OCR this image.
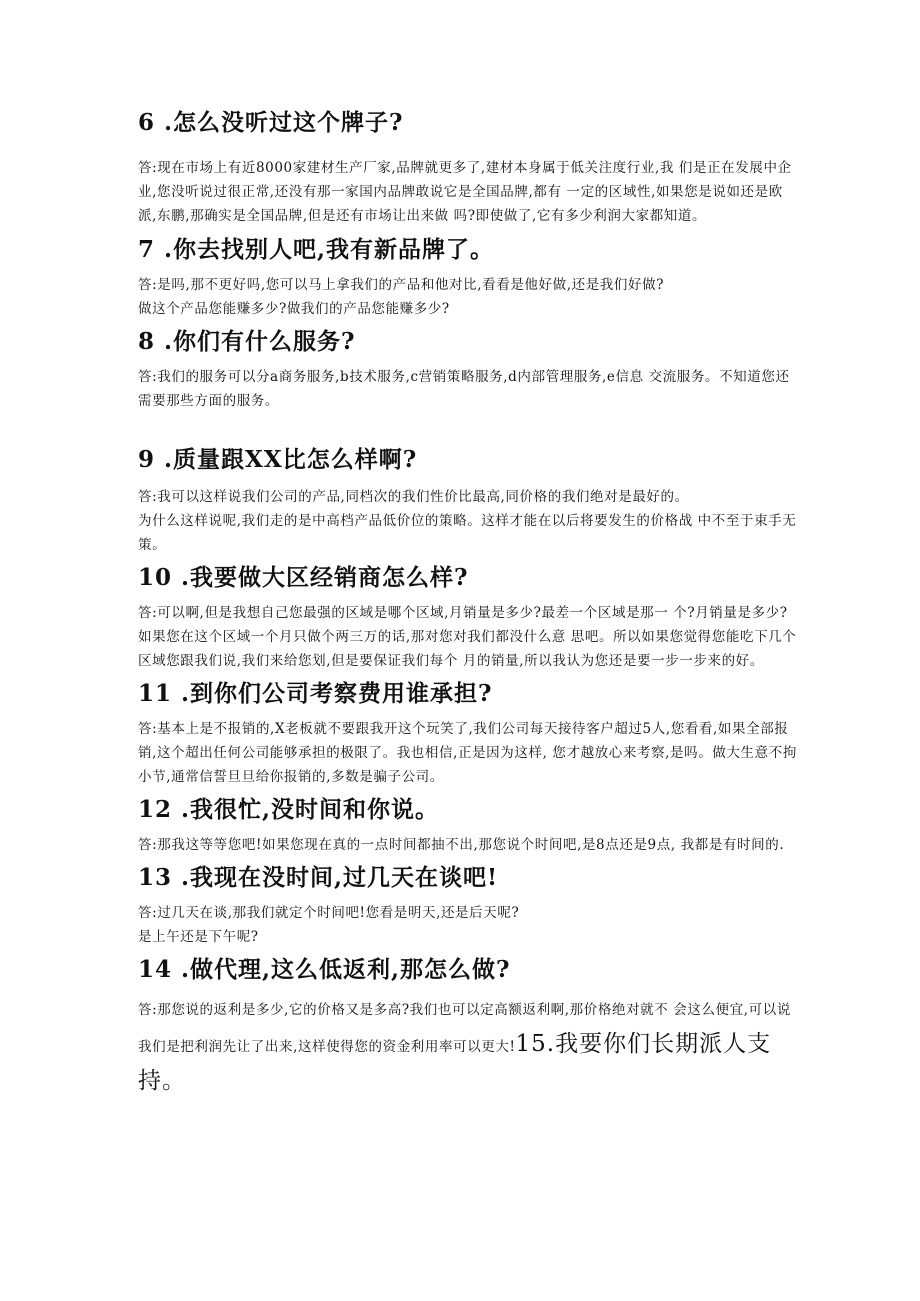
6 .怎么没听过这个牌子?

答:现在市场上有近8000家建材生产厂家,品牌就更多了,建材本身属于低关注度行业,我 们是正在发展中企业,您没听说过很正常,还没有那一家国内品牌敢说它是全国品牌,都有 一定的区域性,如果您是说如还是欧派,东鹏,那确实是全国品牌,但是还有市场让出来做 吗?即使做了,它有多少利润大家都知道。

7 .你去找别人吧,我有新品牌了。

答:是吗,那不更好吗,您可以马上拿我们的产品和他对比,看看是他好做,还是我们好做?

做这个产品您能赚多少?做我们的产品您能赚多少?

8 .你们有什么服务?

答:我们的服务可以分a商务服务,b技术服务,c营销策略服务,d内部管理服务,e信息 交流服务。不知道您还需要那些方面的服务。

9 .质量跟XX比怎么样啊?

答:我可以这样说我们公司的产品,同档次的我们性价比最高,同价格的我们绝对是最好的。

为什么这样说呢,我们走的是中高档产品低价位的策略。这样才能在以后将要发生的价格战 中不至于束手无策。

10 .我要做大区经销商怎么样?

答:可以啊,但是我想自己您最强的区域是哪个区域,月销量是多少?最差一个区域是那一 个?月销量是多少?如果您在这个区域一个月只做个两三万的话,那对您对我们都没什么意 思吧。所以如果您觉得您能吃下几个区域您跟我们说,我们来给您划,但是要保证我们每个 月的销量,所以我认为您还是要一步一步来的好。

11 .到你们公司考察费用谁承担?

答:基本上是不报销的,X老板就不要跟我开这个玩笑了,我们公司每天接待客户超过5人,您看看,如果全部报销,这个超出任何公司能够承担的极限了。我也相信,正是因为这样, 您才越放心来考察,是吗。做大生意不拘小节,通常信誓旦旦给你报销的,多数是骗子公司。

12 .我很忙,没时间和你说。

答:那我这等等您吧!如果您现在真的一点时间都抽不出,那您说个时间吧,是8点还是9点, 我都是有时间的.

13 .我现在没时间,过几天在谈吧!

答:过几天在谈,那我们就定个时间吧!您看是明天,还是后天呢?

是上午还是下午呢?

14 .做代理,这么低返利,那怎么做?

答:那您说的返利是多少,它的价格又是多高?我们也可以定高额返利啊,那价格绝对就不 会这么便宜,可以说我们是把利润先让了出来,这样使得您的资金利用率可以更大!15.我要你们长期派人支持。
